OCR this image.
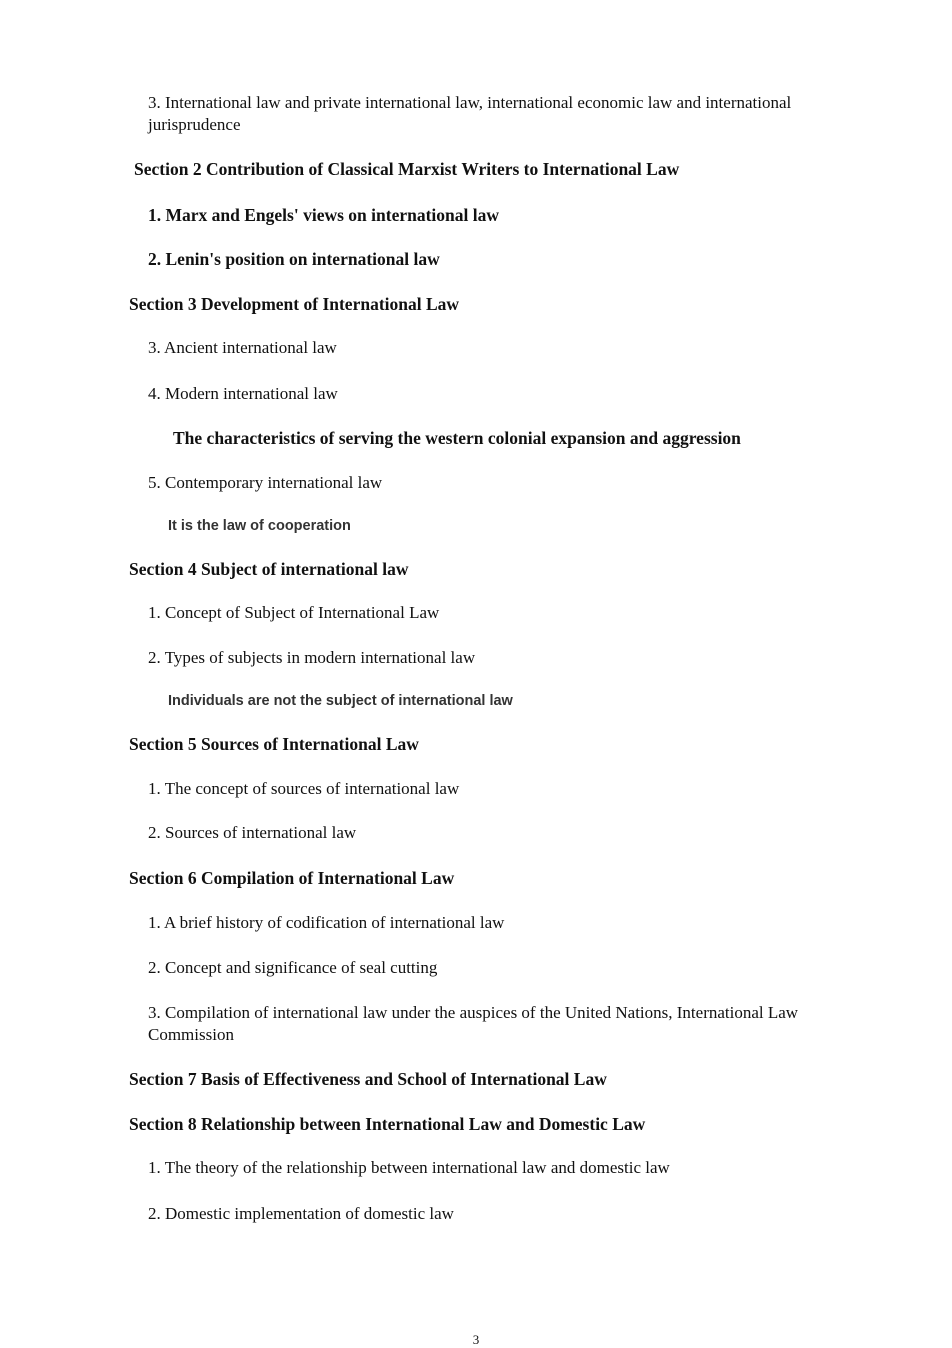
3. International law and private international law, international economic law and international jurisprudence

Section 2 Contribution of Classical Marxist Writers to International Law

1. Marx and Engels' views on international law

2. Lenin's position on international law

Section 3 Development of International Law

3. Ancient international law

4. Modern international law

The characteristics of serving the western colonial expansion and aggression

5. Contemporary international law

It is the law of cooperation

Section 4 Subject of international law

1. Concept of Subject of International Law

2. Types of subjects in modern international law

Individuals are not the subject of international law

Section 5 Sources of International Law

1. The concept of sources of international law

2. Sources of international law

Section 6 Compilation of International Law

1. A brief history of codification of international law

2. Concept and significance of seal cutting

3. Compilation of international law under the auspices of the United Nations, International Law Commission

Section 7 Basis of Effectiveness and School of International Law

Section 8 Relationship between International Law and Domestic Law

1. The theory of the relationship between international law and domestic law

2. Domestic implementation of domestic law

3
